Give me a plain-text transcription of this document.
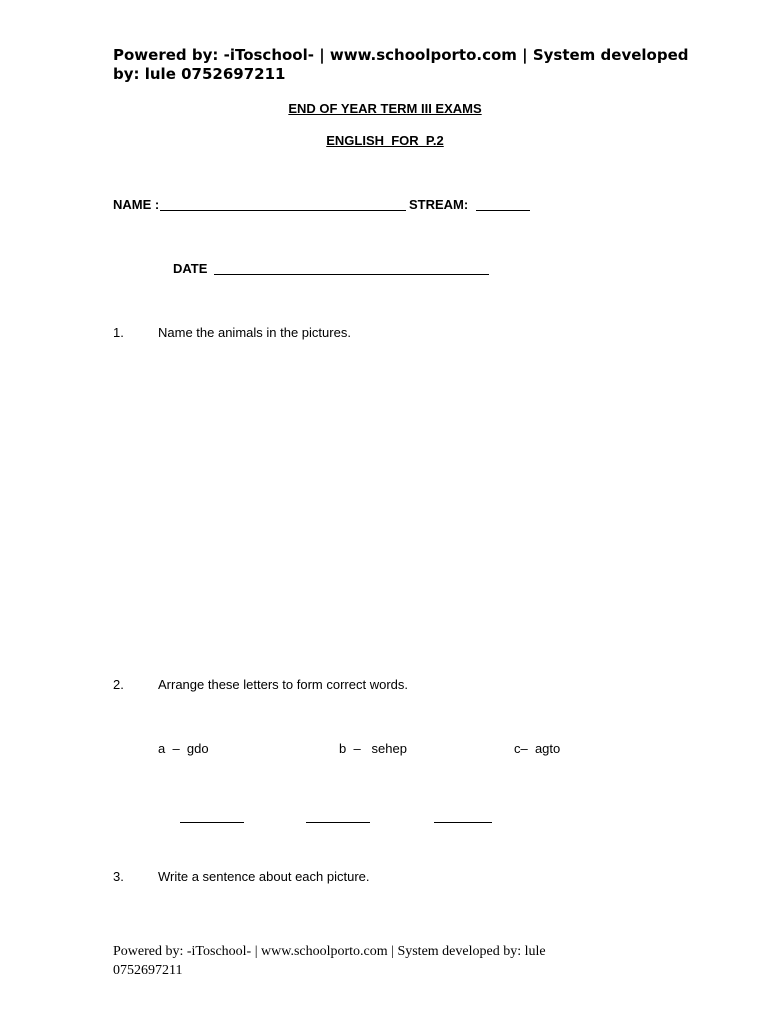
Powered by: -iToschool- | www.schoolporto.com | System developed
by: lule 0752697211
END OF YEAR TERM III EXAMS
ENGLISH  FOR  P.2
NAME :	STREAM:
DATE
1.	Name the animals in the pictures.
2.	Arrange these letters to form correct words.
a  –  gdo	b  –   sehep	c–  agto
3.	Write a sentence about each picture.
Powered by: -iToschool- | www.schoolporto.com | System developed by: lule
0752697211
